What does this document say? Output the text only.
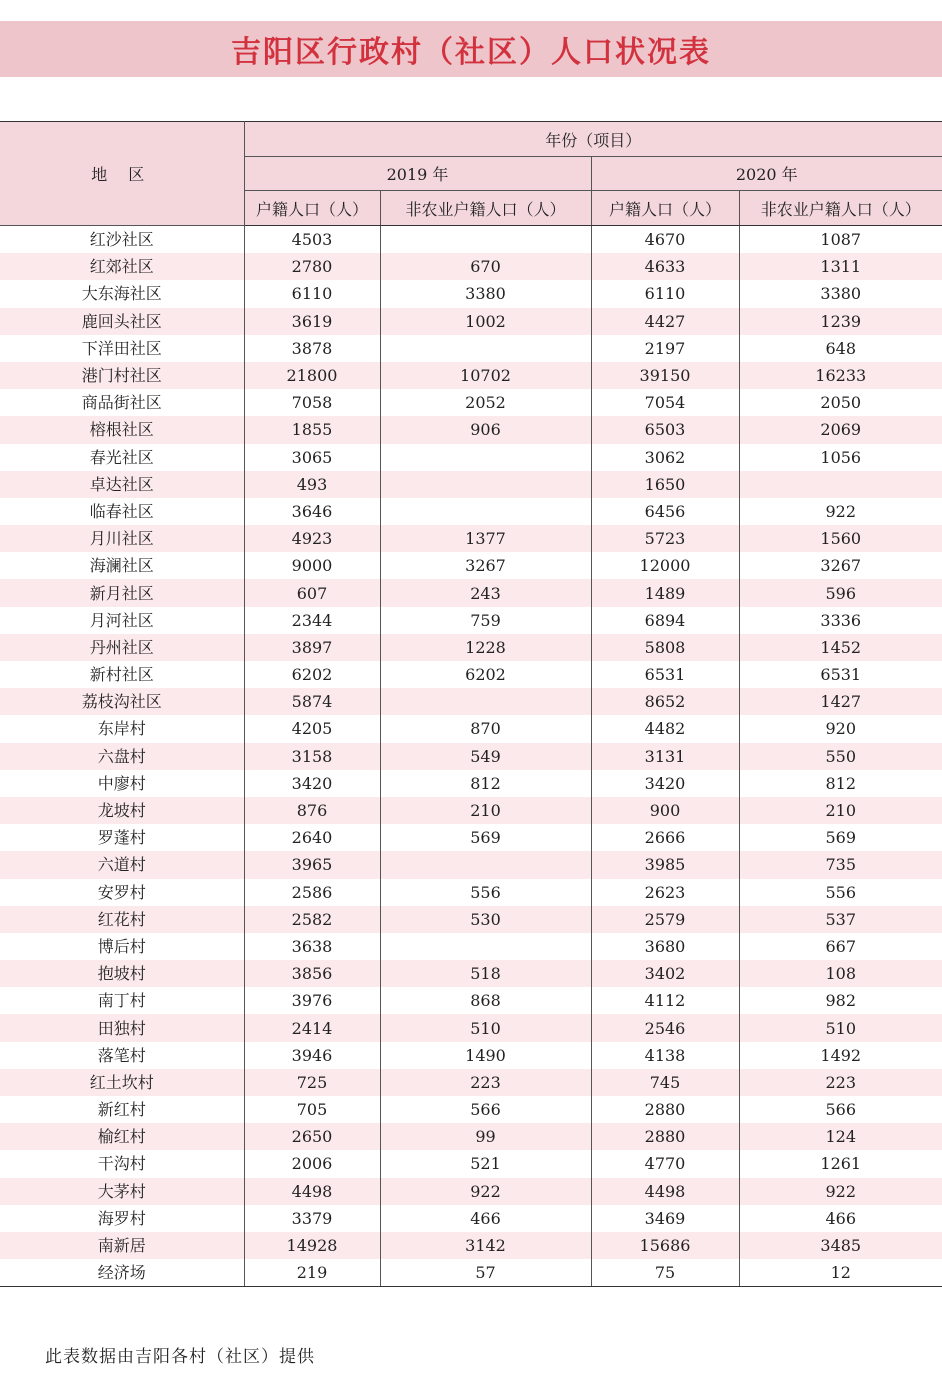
吉阳区行政村（社区）人口状况表
地 区	年份（项目）			
	2019 年		2020 年	
	户籍人口（人）	非农业户籍人口（人）	户籍人口（人）	非农业户籍人口（人）
红沙社区	4503		4670	1087
红郊社区	2780	670	4633	1311
大东海社区	6110	3380	6110	3380
鹿回头社区	3619	1002	4427	1239
下洋田社区	3878		2197	648
港门村社区	21800	10702	39150	16233
商品街社区	7058	2052	7054	2050
榕根社区	1855	906	6503	2069
春光社区	3065		3062	1056
卓达社区	493		1650	
临春社区	3646		6456	922
月川社区	4923	1377	5723	1560
海澜社区	9000	3267	12000	3267
新月社区	607	243	1489	596
月河社区	2344	759	6894	3336
丹州社区	3897	1228	5808	1452
新村社区	6202	6202	6531	6531
荔枝沟社区	5874		8652	1427
东岸村	4205	870	4482	920
六盘村	3158	549	3131	550
中廖村	3420	812	3420	812
龙坡村	876	210	900	210
罗蓬村	2640	569	2666	569
六道村	3965		3985	735
安罗村	2586	556	2623	556
红花村	2582	530	2579	537
博后村	3638		3680	667
抱坡村	3856	518	3402	108
南丁村	3976	868	4112	982
田独村	2414	510	2546	510
落笔村	3946	1490	4138	1492
红土坎村	725	223	745	223
新红村	705	566	2880	566
榆红村	2650	99	2880	124
干沟村	2006	521	4770	1261
大茅村	4498	922	4498	922
海罗村	3379	466	3469	466
南新居	14928	3142	15686	3485
经济场	219	57	75	12
此表数据由吉阳各村（社区）提供
